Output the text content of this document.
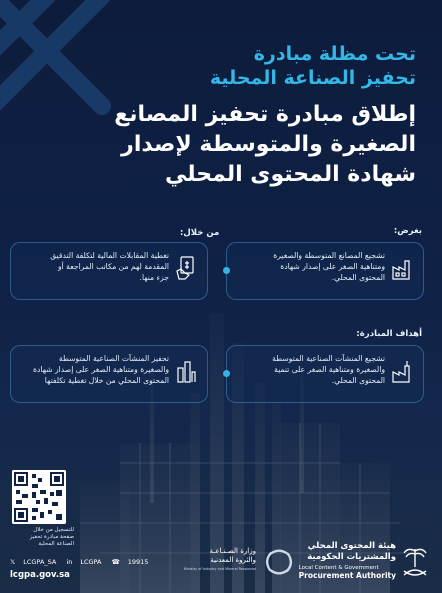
تحت مظلة مبادرة
تحفيز الصناعة المحلية
إطلاق مبادرة تحفيز المصانع
الصغيرة والمتوسطة لإصدار
شهادة المحتوى المحلي
بغرض:
من خلال:
أهداف المبادرة:
تشجيع المصانع المتوسطة والصغيرة
ومتناهية الصغر على إصدار شهادة
المحتوى المحلي.
تغطية المقابلات المالية لتكلفة التدقيق
المقدمة لهم من مكاتب المراجعة أو
جزء منها.
تشجيع المنشآت الصناعية المتوسطة
والصغيرة ومتناهية الصغر على تنمية
المحتوى المحلي.
تحفيز المنشآت الصناعية المتوسطة
والصغيرة ومتناهية الصغر على إصدار شهادة
المحتوى المحلي من خلال تغطية تكلفتها
للتسجيل من خلال
صفحة مبادرة تحفيز
الصناعة المحلية
𝕏 LCGPA_SA in LCGPA ☎ 19915
lcgpa.gov.sa
وزارة الصـنـاعـة
والثروة المعدنية
Ministry of Industry and Mineral Resources
هيئة المحتوى المحلي
والمشتريات الحكومية
Local Content & Government
Procurement Authority
